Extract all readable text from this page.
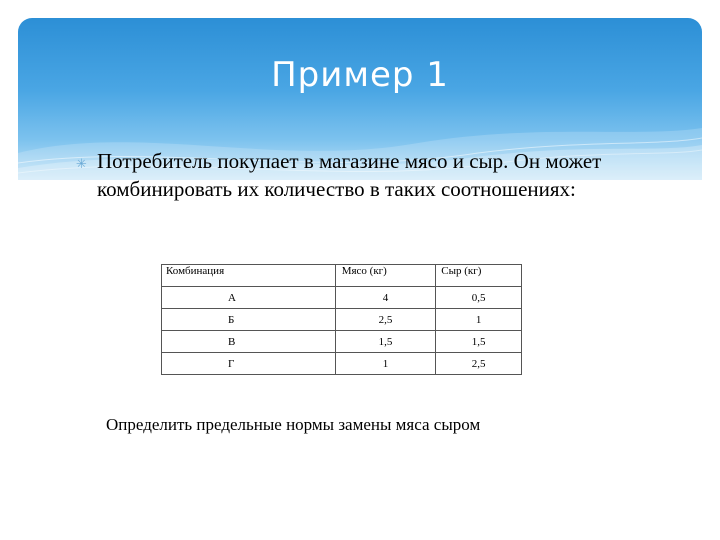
Пример 1
✳ Потребитель покупает в магазине мясо и сыр. Он может комбинировать их количество в таких соотношениях:
Комбинация	Мясо (кг)	Сыр (кг)
А	4	0,5
Б	2,5	1
В	1,5	1,5
Г	1	2,5
Определить предельные нормы замены мяса сыром
